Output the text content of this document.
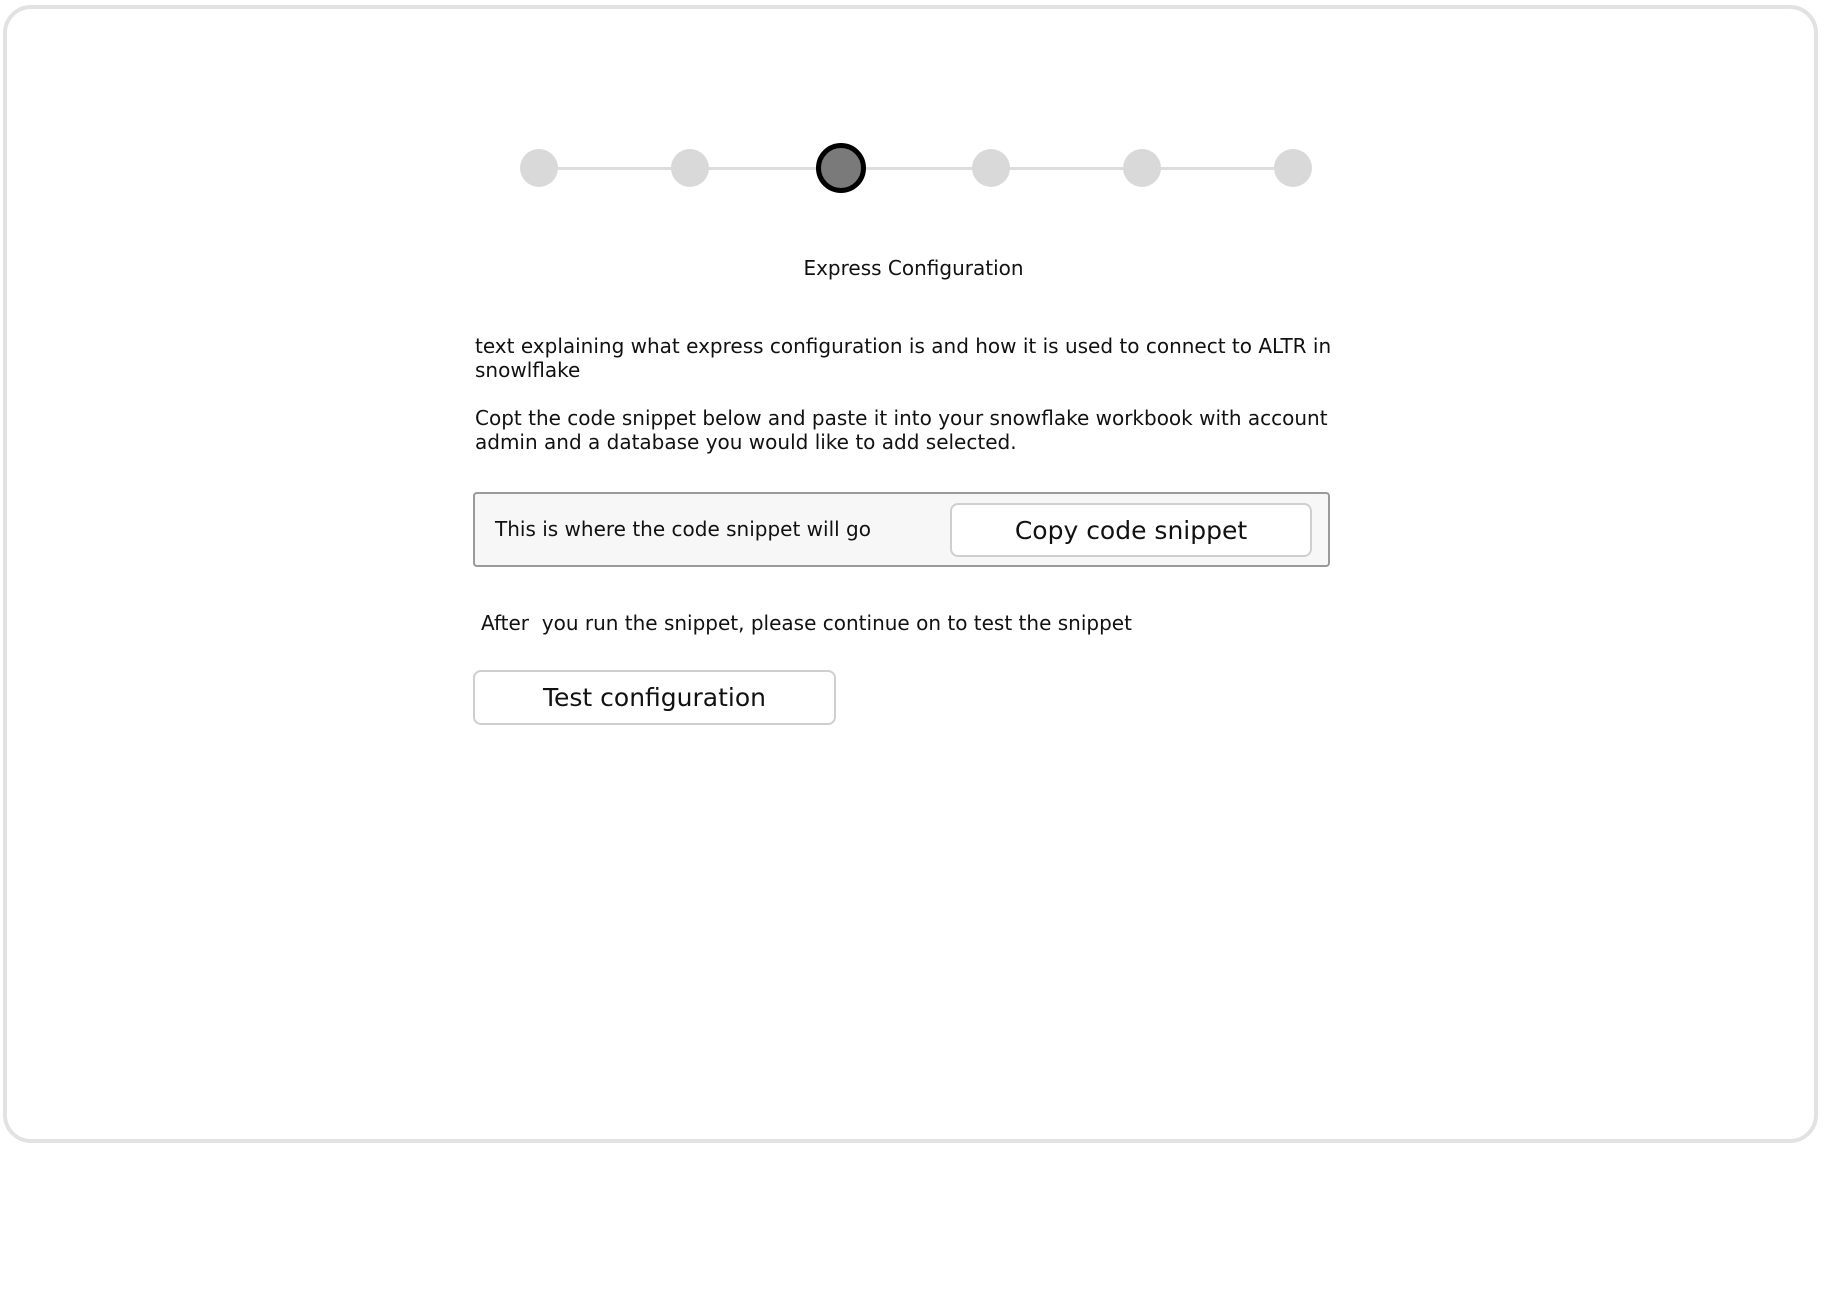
Express Configuration
text explaining what express configuration is and how it is used to connect to ALTR in snowlflake
Copt the code snippet below and paste it into your snowflake workbook with account admin and a database you would like to add selected.
This is where the code snippet will go	Copy code snippet
After  you run the snippet, please continue on to test the snippet
Test configuration
